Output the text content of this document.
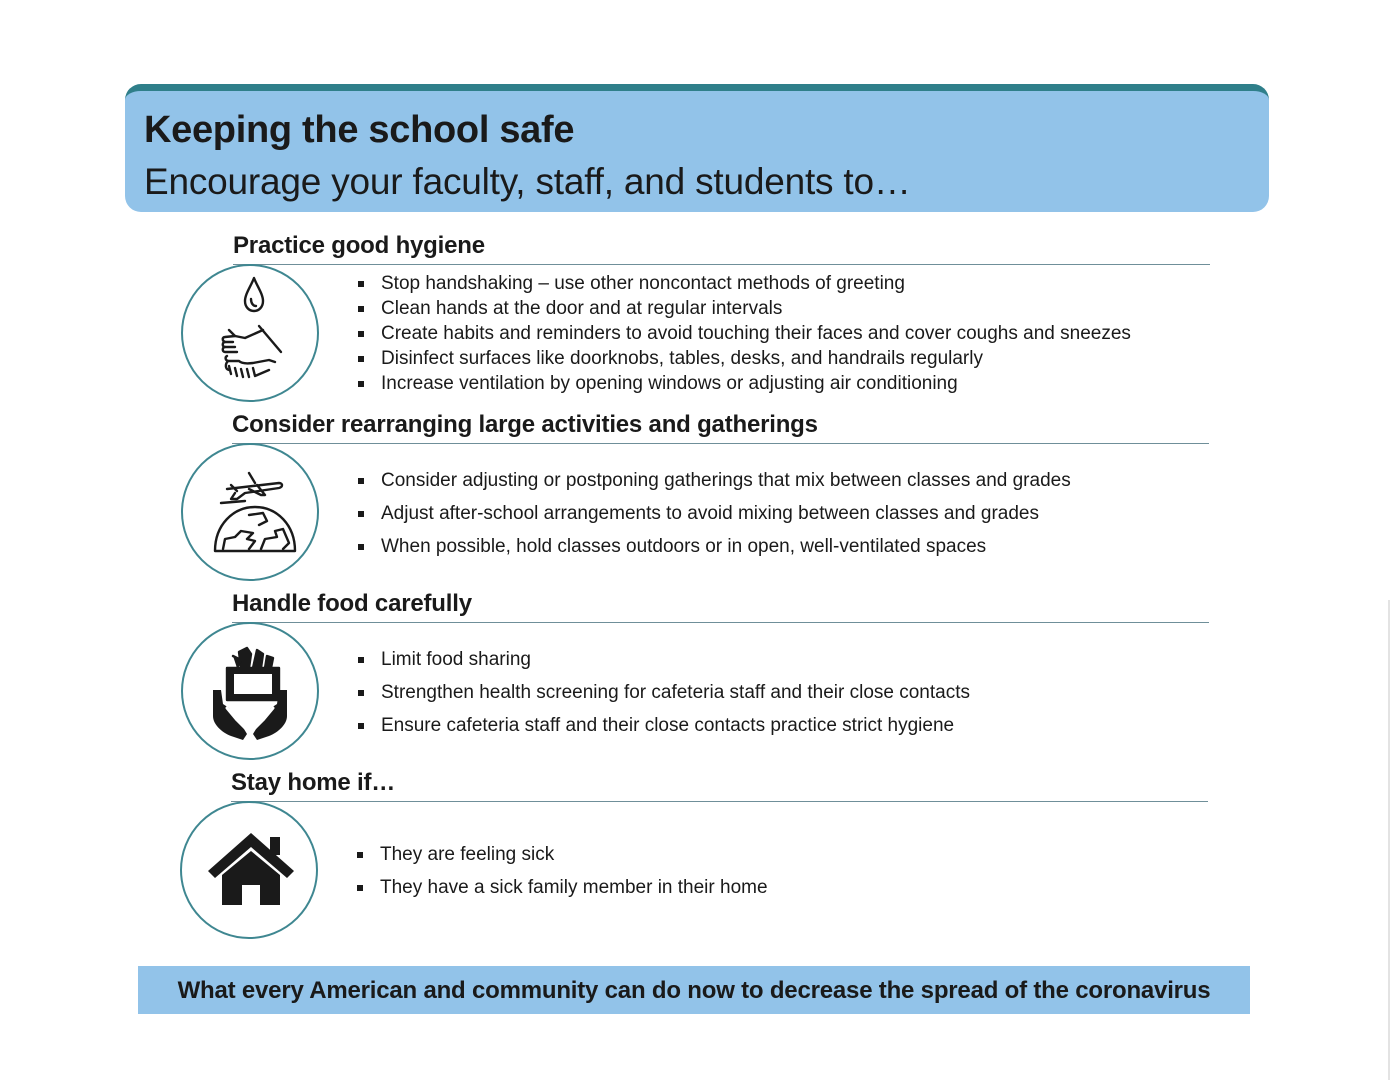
Keeping the school safe
Encourage your faculty, staff, and students to…
Practice good hygiene
Stop handshaking – use other noncontact methods of greeting
Clean hands at the door and at regular intervals
Create habits and reminders to avoid touching their faces and cover coughs and sneezes
Disinfect surfaces like doorknobs, tables, desks, and handrails regularly
Increase ventilation by opening windows or adjusting air conditioning
Consider rearranging large activities and gatherings
Consider adjusting or postponing gatherings that mix between classes and grades
Adjust after-school arrangements to avoid mixing between classes and grades
When possible, hold classes outdoors or in open, well-ventilated spaces
Handle food carefully
Limit food sharing
Strengthen health screening for cafeteria staff and their close contacts
Ensure cafeteria staff and their close contacts practice strict hygiene
Stay home if…
They are feeling sick
They have a sick family member in their home
What every American and community can do now to decrease the spread of the coronavirus
